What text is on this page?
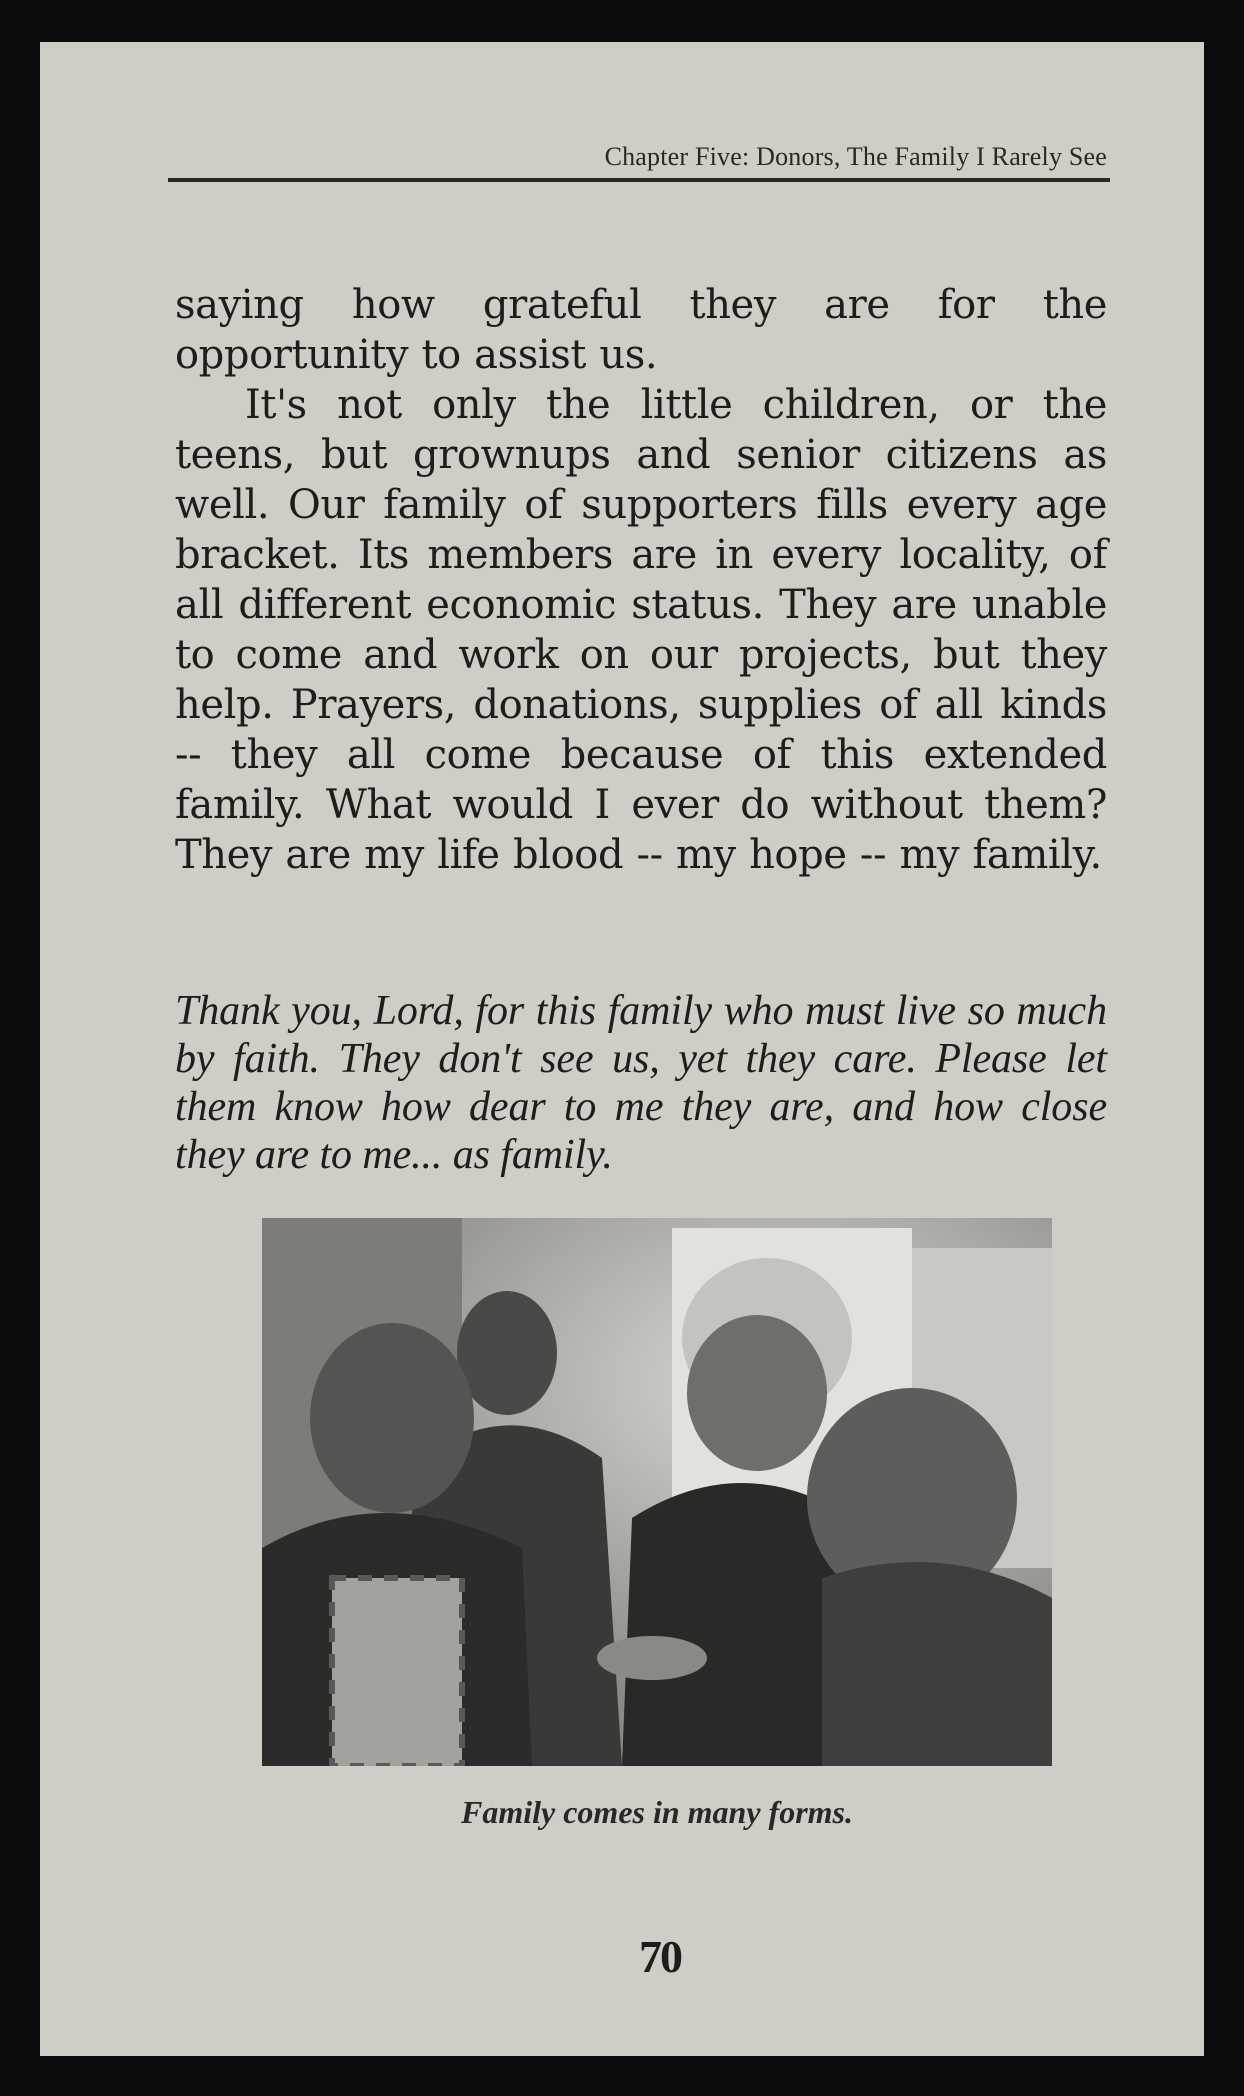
Chapter Five: Donors, The Family I Rarely See

saying how grateful they are for the opportunity to assist us.

It's not only the little children, or the teens, but grownups and senior citizens as well. Our family of supporters fills every age bracket. Its members are in every locality, of all different economic status. They are unable to come and work on our projects, but they help. Prayers, donations, supplies of all kinds -- they all come because of this extended family. What would I ever do without them? They are my life blood -- my hope -- my family.

Thank you, Lord, for this family who must live so much by faith. They don't see us, yet they care. Please let them know how dear to me they are, and how close they are to me... as family.
Family comes in many forms.
70
